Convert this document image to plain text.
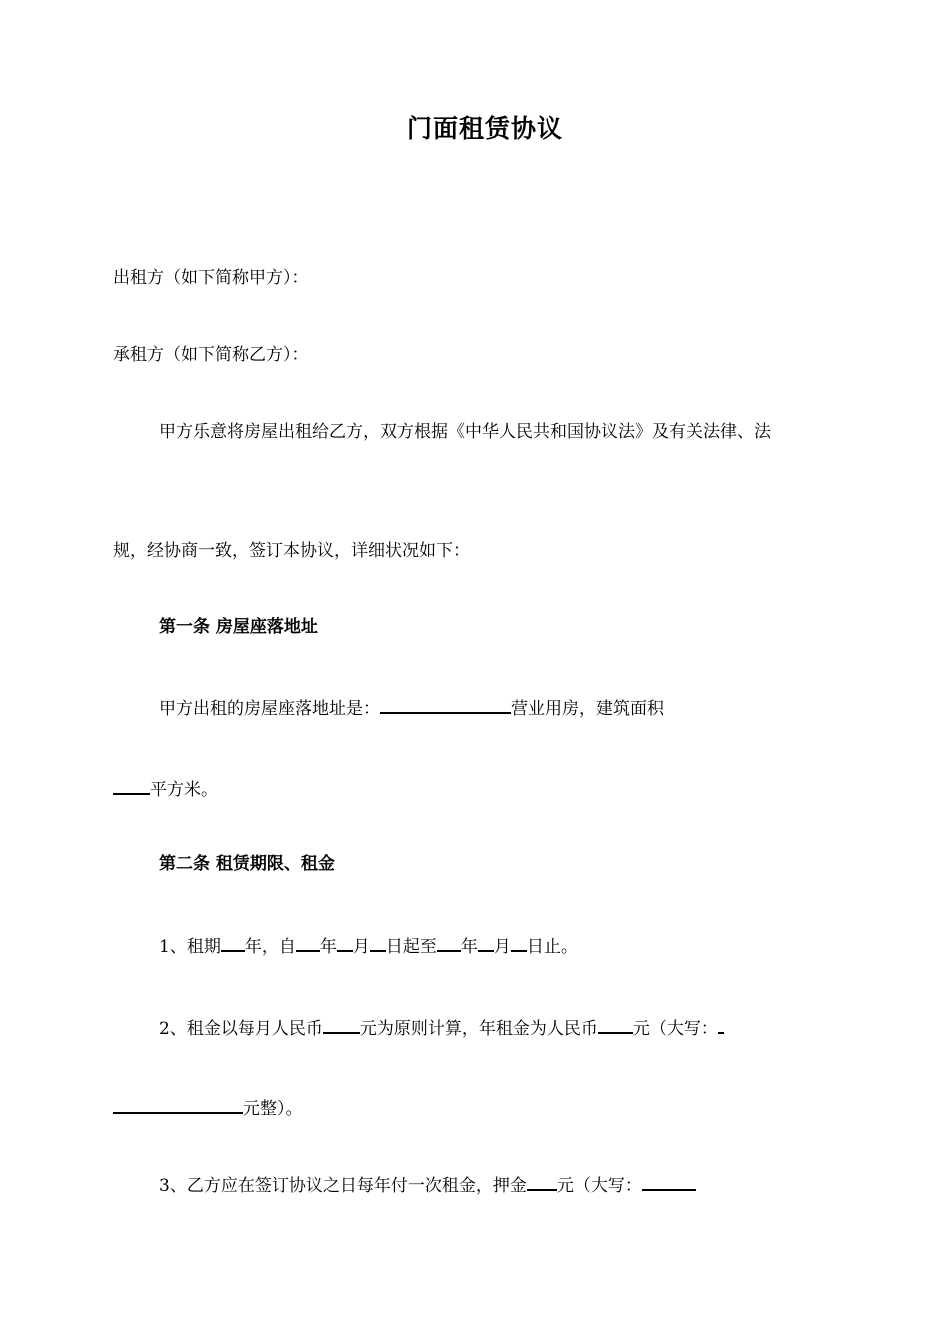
门面租赁协议
出租方（如下简称甲方）：
承租方（如下简称乙方）：
甲方乐意将房屋出租给乙方，双方根据《中华人民共和国协议法》及有关法律、法
规，经协商一致，签订本协议，详细状况如下：
第一条 房屋座落地址
甲方出租的房屋座落地址是：	营业用房，建筑面积
平方米。
第二条 租赁期限、租金
1、租期 年，自 年 月 日起至 年 月 日止。
2、租金以每月人民币 元为原则计算，年租金为人民币 元（大写：
元整）。
3、乙方应在签订协议之日每年付一次租金，押金 元（大写：
